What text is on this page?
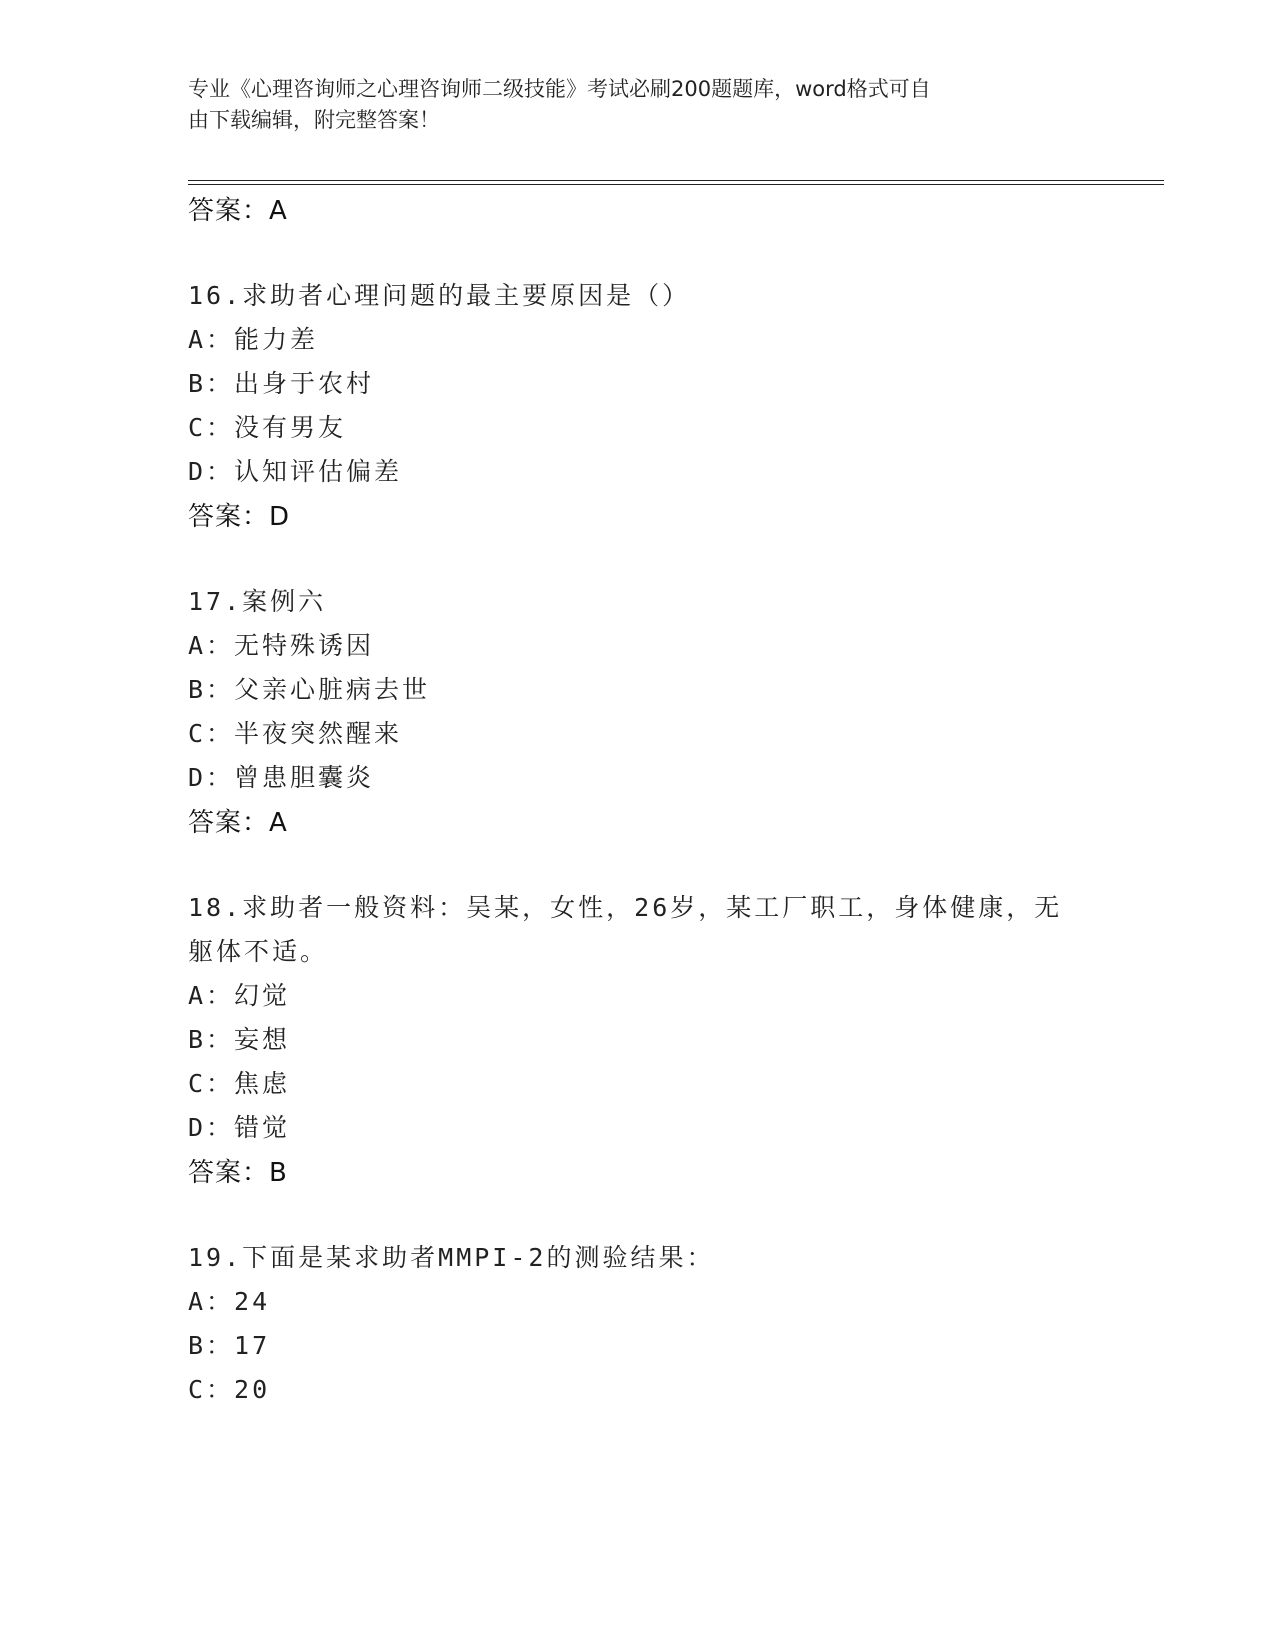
专业《心理咨询师之心理咨询师二级技能》考试必刷200题题库，word格式可自
由下载编辑，附完整答案！
答案：A
16.求助者心理问题的最主要原因是（）
A：能力差
B：出身于农村
C：没有男友
D：认知评估偏差
答案：D
17.案例六
A：无特殊诱因
B：父亲心脏病去世
C：半夜突然醒来
D：曾患胆囊炎
答案：A
18.求助者一般资料：吴某，女性，26岁，某工厂职工，身体健康，无
躯体不适。
A：幻觉
B：妄想
C：焦虑
D：错觉
答案：B
19.下面是某求助者MMPI-2的测验结果：
A：24
B：17
C：20
